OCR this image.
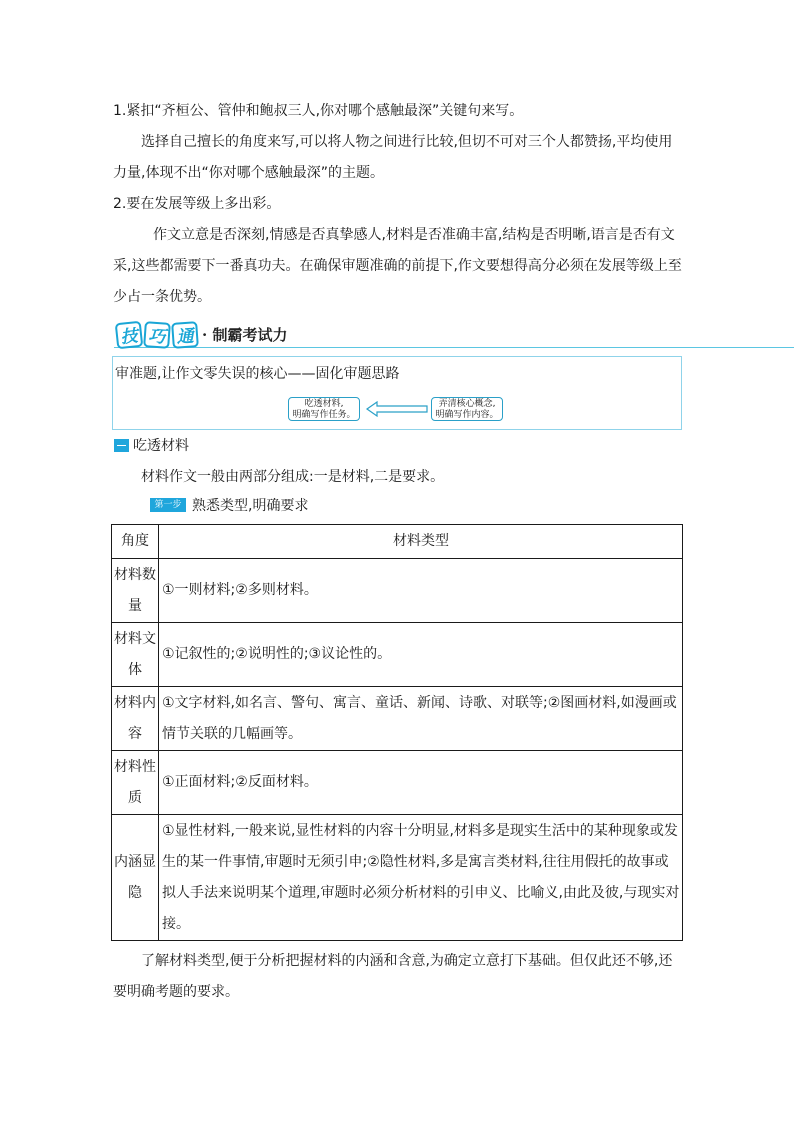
1.紧扣“齐桓公、管仲和鲍叔三人,你对哪个感触最深”关键句来写。

选择自己擅长的角度来写,可以将人物之间进行比较,但切不可对三个人都赞扬,平均使用力量,体现不出“你对哪个感触最深”的主题。

2.要在发展等级上多出彩。

作文立意是否深刻,情感是否真挚感人,材料是否准确丰富,结构是否明晰,语言是否有文采,这些都需要下一番真功夫。在确保审题准确的前提下,作文要想得高分必须在发展等级上至少占一条优势。

技 巧 通 · 制霸考试力
审准题,让作文零失误的核心——固化审题思路
吃透材料,
明确写作任务。
弄清核心概念,
明确写作内容。
吃透材料

材料作文一般由两部分组成:一是材料,二是要求。

第一步 熟悉类型,明确要求
角度	材料类型
材料数量	①一则材料;②多则材料。
材料文体	①记叙性的;②说明性的;③议论性的。
材料内容	①文字材料,如名言、警句、寓言、童话、新闻、诗歌、对联等;②图画材料,如漫画或情节关联的几幅画等。
材料性质	①正面材料;②反面材料。
内涵显隐	①显性材料,一般来说,显性材料的内容十分明显,材料多是现实生活中的某种现象或发生的某一件事情,审题时无须引申;②隐性材料,多是寓言类材料,往往用假托的故事或拟人手法来说明某个道理,审题时必须分析材料的引申义、比喻义,由此及彼,与现实对接。

了解材料类型,便于分析把握材料的内涵和含意,为确定立意打下基础。但仅此还不够,还要明确考题的要求。
